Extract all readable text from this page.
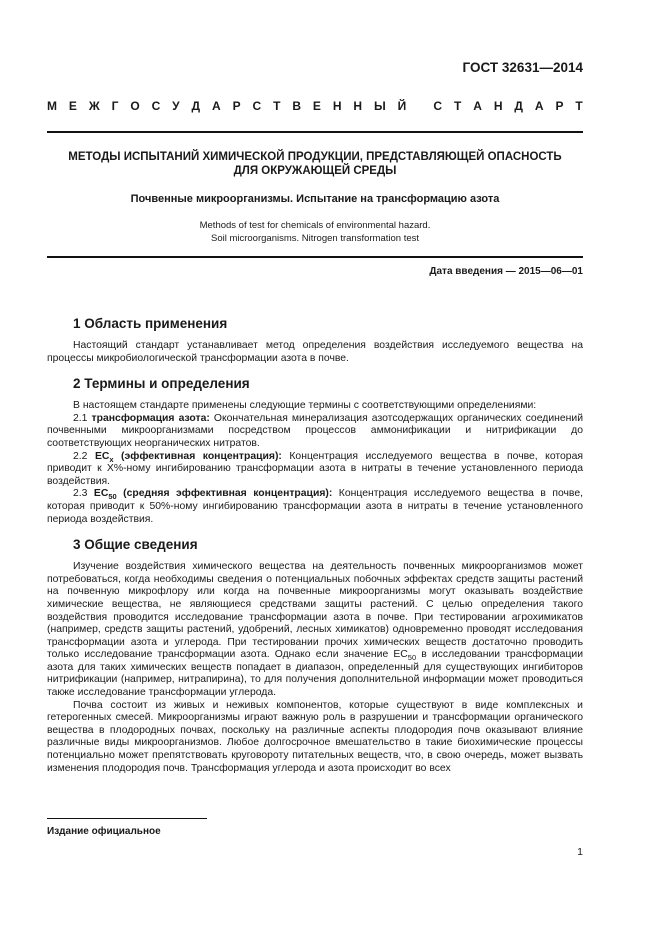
ГОСТ 32631—2014
М Е Ж Г О С У Д А Р С Т В Е Н Н Ы Й
С Т А Н Д А Р Т
МЕТОДЫ ИСПЫТАНИЙ ХИМИЧЕСКОЙ ПРОДУКЦИИ, ПРЕДСТАВЛЯЮЩЕЙ ОПАСНОСТЬ
ДЛЯ ОКРУЖАЮЩЕЙ СРЕДЫ
Почвенные микроорганизмы. Испытание на трансформацию азота
Methods of test for chemicals of environmental hazard.
Soil microorganisms. Nitrogen transformation test
Дата введения — 2015—06—01
1 Область применения

Настоящий стандарт устанавливает метод определения воздействия исследуемого вещества на процессы микробиологической трансформации азота в почве.

2 Термины и определения

В настоящем стандарте применены следующие термины с соответствующими определениями:

2.1 трансформация азота: Окончательная минерализация азотсодержащих органических соединений почвенными микроорганизмами посредством процессов аммонификации и нитрификации до соответствующих неорганических нитратов.

2.2 $EC_x$ (эффективная концентрация): Концентрация исследуемого вещества в почве, которая приводит к X%-ному ингибированию трансформации азота в нитраты в течение установленного периода воздействия.

2.3 $EC_{50}$ (средняя эффективная концентрация): Концентрация исследуемого вещества в почве, которая приводит к 50%-ному ингибированию трансформации азота в нитраты в течение установленного периода воздействия.

3 Общие сведения

Изучение воздействия химического вещества на деятельность почвенных микроорганизмов может потребоваться, когда необходимы сведения о потенциальных побочных эффектах средств защиты растений на почвенную микрофлору или когда на почвенные микроорганизмы могут оказывать воздействие химические вещества, не являющиеся средствами защиты растений. С целью определения такого воздействия проводится исследование трансформации азота в почве. При тестировании агрохимикатов (например, средств защиты растений, удобрений, лесных химикатов) одновременно проводят исследования трансформации азота и углерода. При тестировании прочих химических веществ достаточно проводить только исследование трансформации азота. Однако если значение $EC_{50}$ в исследовании трансформации азота для таких химических веществ попадает в диапазон, определенный для существующих ингибиторов нитрификации (например, нитрапирина), то для получения дополнительной информации может проводиться также исследование трансформации углерода.

Почва состоит из живых и неживых компонентов, которые существуют в виде комплексных и гетерогенных смесей. Микроорганизмы играют важную роль в разрушении и трансформации органического вещества в плодородных почвах, поскольку на различные аспекты плодородия почв оказывают влияние различные виды микроорганизмов. Любое долгосрочное вмешательство в такие биохимические процессы потенциально может препятствовать круговороту питательных веществ, что, в свою очередь, может вызвать изменения плодородия почв. Трансформация углерода и азота происходит во всех

Издание официальное
1
